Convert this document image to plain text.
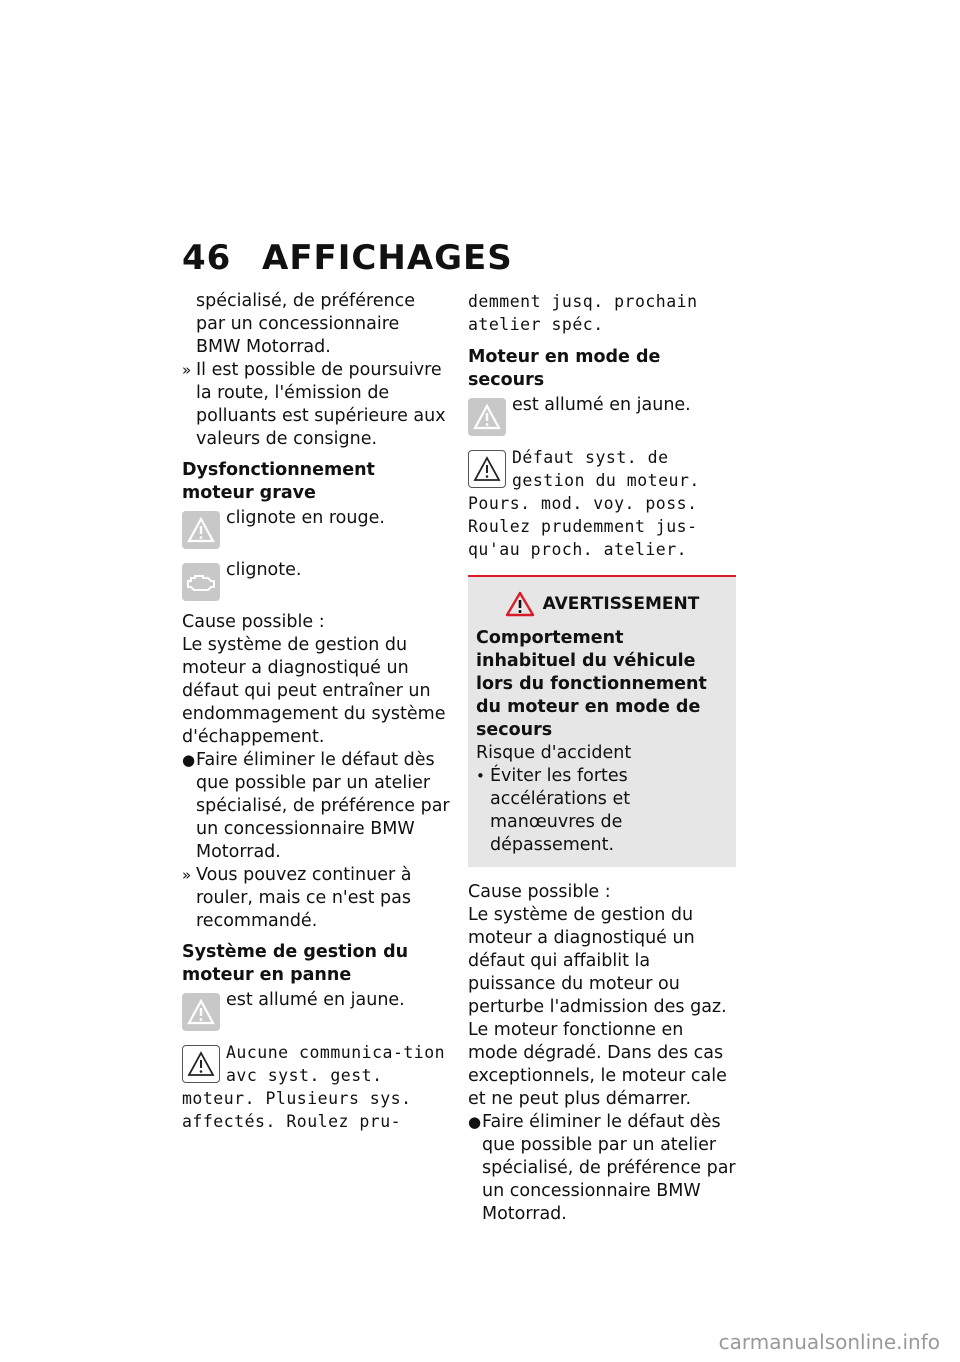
46 AFFICHAGES

spécialisé, de préférence

par un concessionnaire

BMW Motorrad.

» Il est possible de poursuivre la route, l'émission de polluants est supérieure aux valeurs de consigne.

Dysfonctionnement moteur grave

clignote en rouge.
clignote.

Cause possible :

Le système de gestion du moteur a diagnostiqué un défaut qui peut entraîner un endommagement du système d'échappement.

● Faire éliminer le défaut dès que possible par un atelier spécialisé, de préférence par un concessionnaire BMW Motorrad.
» Vous pouvez continuer à rouler, mais ce n'est pas recommandé.

Système de gestion du moteur en panne

est allumé en jaune.
Aucune communica-tion avc syst. gest.
moteur. Plusieurs sys. affectés. Roulez pru-

demment jusq. prochain atelier spéc.

Moteur en mode de secours

est allumé en jaune.
Défaut syst. de gestion du moteur.
Pours. mod. voy. poss. Roulez prudemment jus-qu'au proch. atelier.
AVERTISSEMENT

Comportement inhabituel du véhicule lors du fonctionnement du moteur en mode de secours

Risque d'accident

• Éviter les fortes accélérations et manœuvres de dépassement.

Cause possible :

Le système de gestion du moteur a diagnostiqué un défaut qui affaiblit la puissance du moteur ou perturbe l'admission des gaz. Le moteur fonctionne en mode dégradé. Dans des cas exceptionnels, le moteur cale et ne peut plus démarrer.

● Faire éliminer le défaut dès que possible par un atelier spécialisé, de préférence par un concessionnaire BMW Motorrad.
carmanualsonline.info
